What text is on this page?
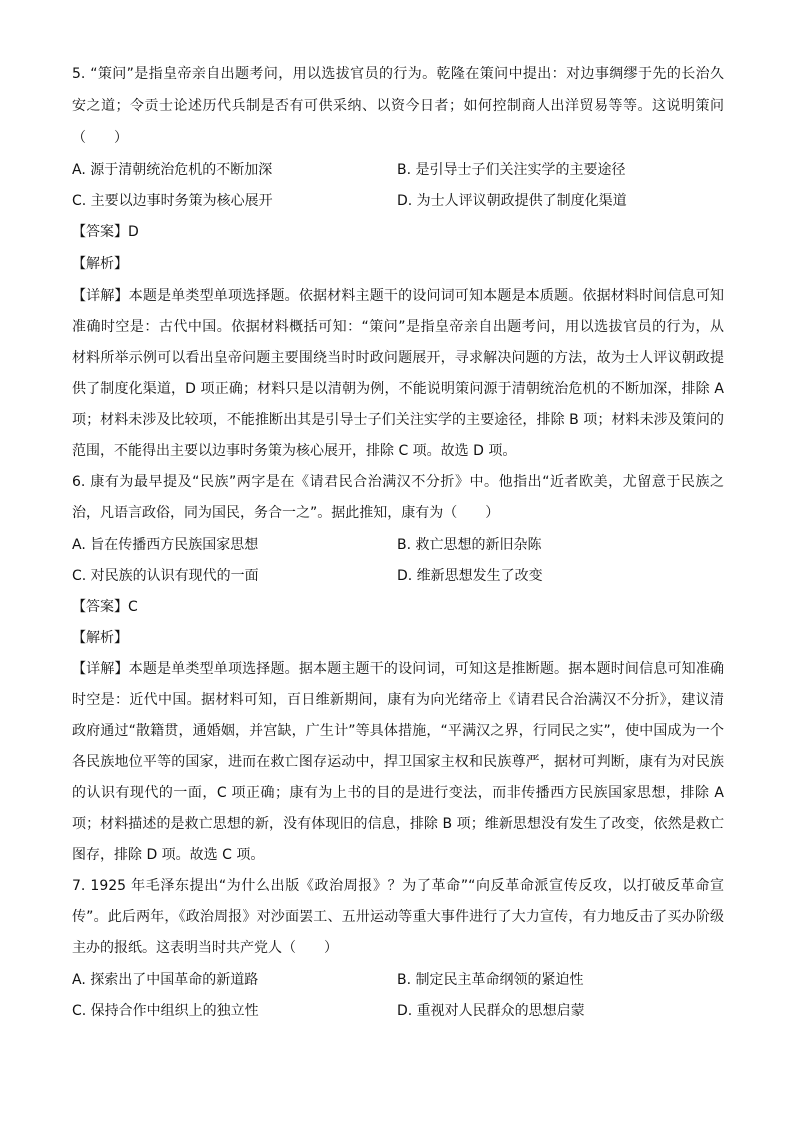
5. “策问”是指皇帝亲自出题考问，用以选拔官员的行为。乾隆在策问中提出：对边事绸缪于先的长治久
安之道；令贡士论述历代兵制是否有可供采纳、以资今日者；如何控制商人出洋贸易等等。这说明策问
（　　）
A. 源于清朝统治危机的不断加深	B. 是引导士子们关注实学的主要途径
C. 主要以边事时务策为核心展开	D. 为士人评议朝政提供了制度化渠道
【答案】D
【解析】
【详解】本题是单类型单项选择题。依据材料主题干的设问词可知本题是本质题。依据材料时间信息可知
准确时空是：古代中国。依据材料概括可知：“策问”是指皇帝亲自出题考问，用以选拔官员的行为，从
材料所举示例可以看出皇帝问题主要围绕当时时政问题展开，寻求解决问题的方法，故为士人评议朝政提
供了制度化渠道，D 项正确；材料只是以清朝为例，不能说明策问源于清朝统治危机的不断加深，排除 A
项；材料未涉及比较项，不能推断出其是引导士子们关注实学的主要途径，排除 B 项；材料未涉及策问的
范围，不能得出主要以边事时务策为核心展开，排除 C 项。故选 D 项。
6. 康有为最早提及“民族”两字是在《请君民合治满汉不分折》中。他指出“近者欧美，尤留意于民族之
治，凡语言政俗，同为国民，务合一之”。据此推知，康有为（　　）
A. 旨在传播西方民族国家思想	B. 救亡思想的新旧杂陈
C. 对民族的认识有现代的一面	D. 维新思想发生了改变
【答案】C
【解析】
【详解】本题是单类型单项选择题。据本题主题干的设问词，可知这是推断题。据本题时间信息可知准确
时空是：近代中国。据材料可知，百日维新期间，康有为向光绪帝上《请君民合治满汉不分折》，建议清
政府通过“散籍贯，通婚姻，并宫缺，广生计”等具体措施，“平满汉之界，行同民之实”，使中国成为一个
各民族地位平等的国家，进而在救亡图存运动中，捍卫国家主权和民族尊严，据材可判断，康有为对民族
的认识有现代的一面，C 项正确；康有为上书的目的是进行变法，而非传播西方民族国家思想，排除 A
项；材料描述的是救亡思想的新，没有体现旧的信息，排除 B 项；维新思想没有发生了改变，依然是救亡
图存，排除 D 项。故选 C 项。
7. 1925 年毛泽东提出“为什么出版《政治周报》？为了革命”“向反革命派宣传反攻，以打破反革命宣
传”。此后两年，《政治周报》对沙面罢工、五卅运动等重大事件进行了大力宣传，有力地反击了买办阶级
主办的报纸。这表明当时共产党人（　　）
A. 探索出了中国革命的新道路	B. 制定民主革命纲领的紧迫性
C. 保持合作中组织上的独立性	D. 重视对人民群众的思想启蒙
